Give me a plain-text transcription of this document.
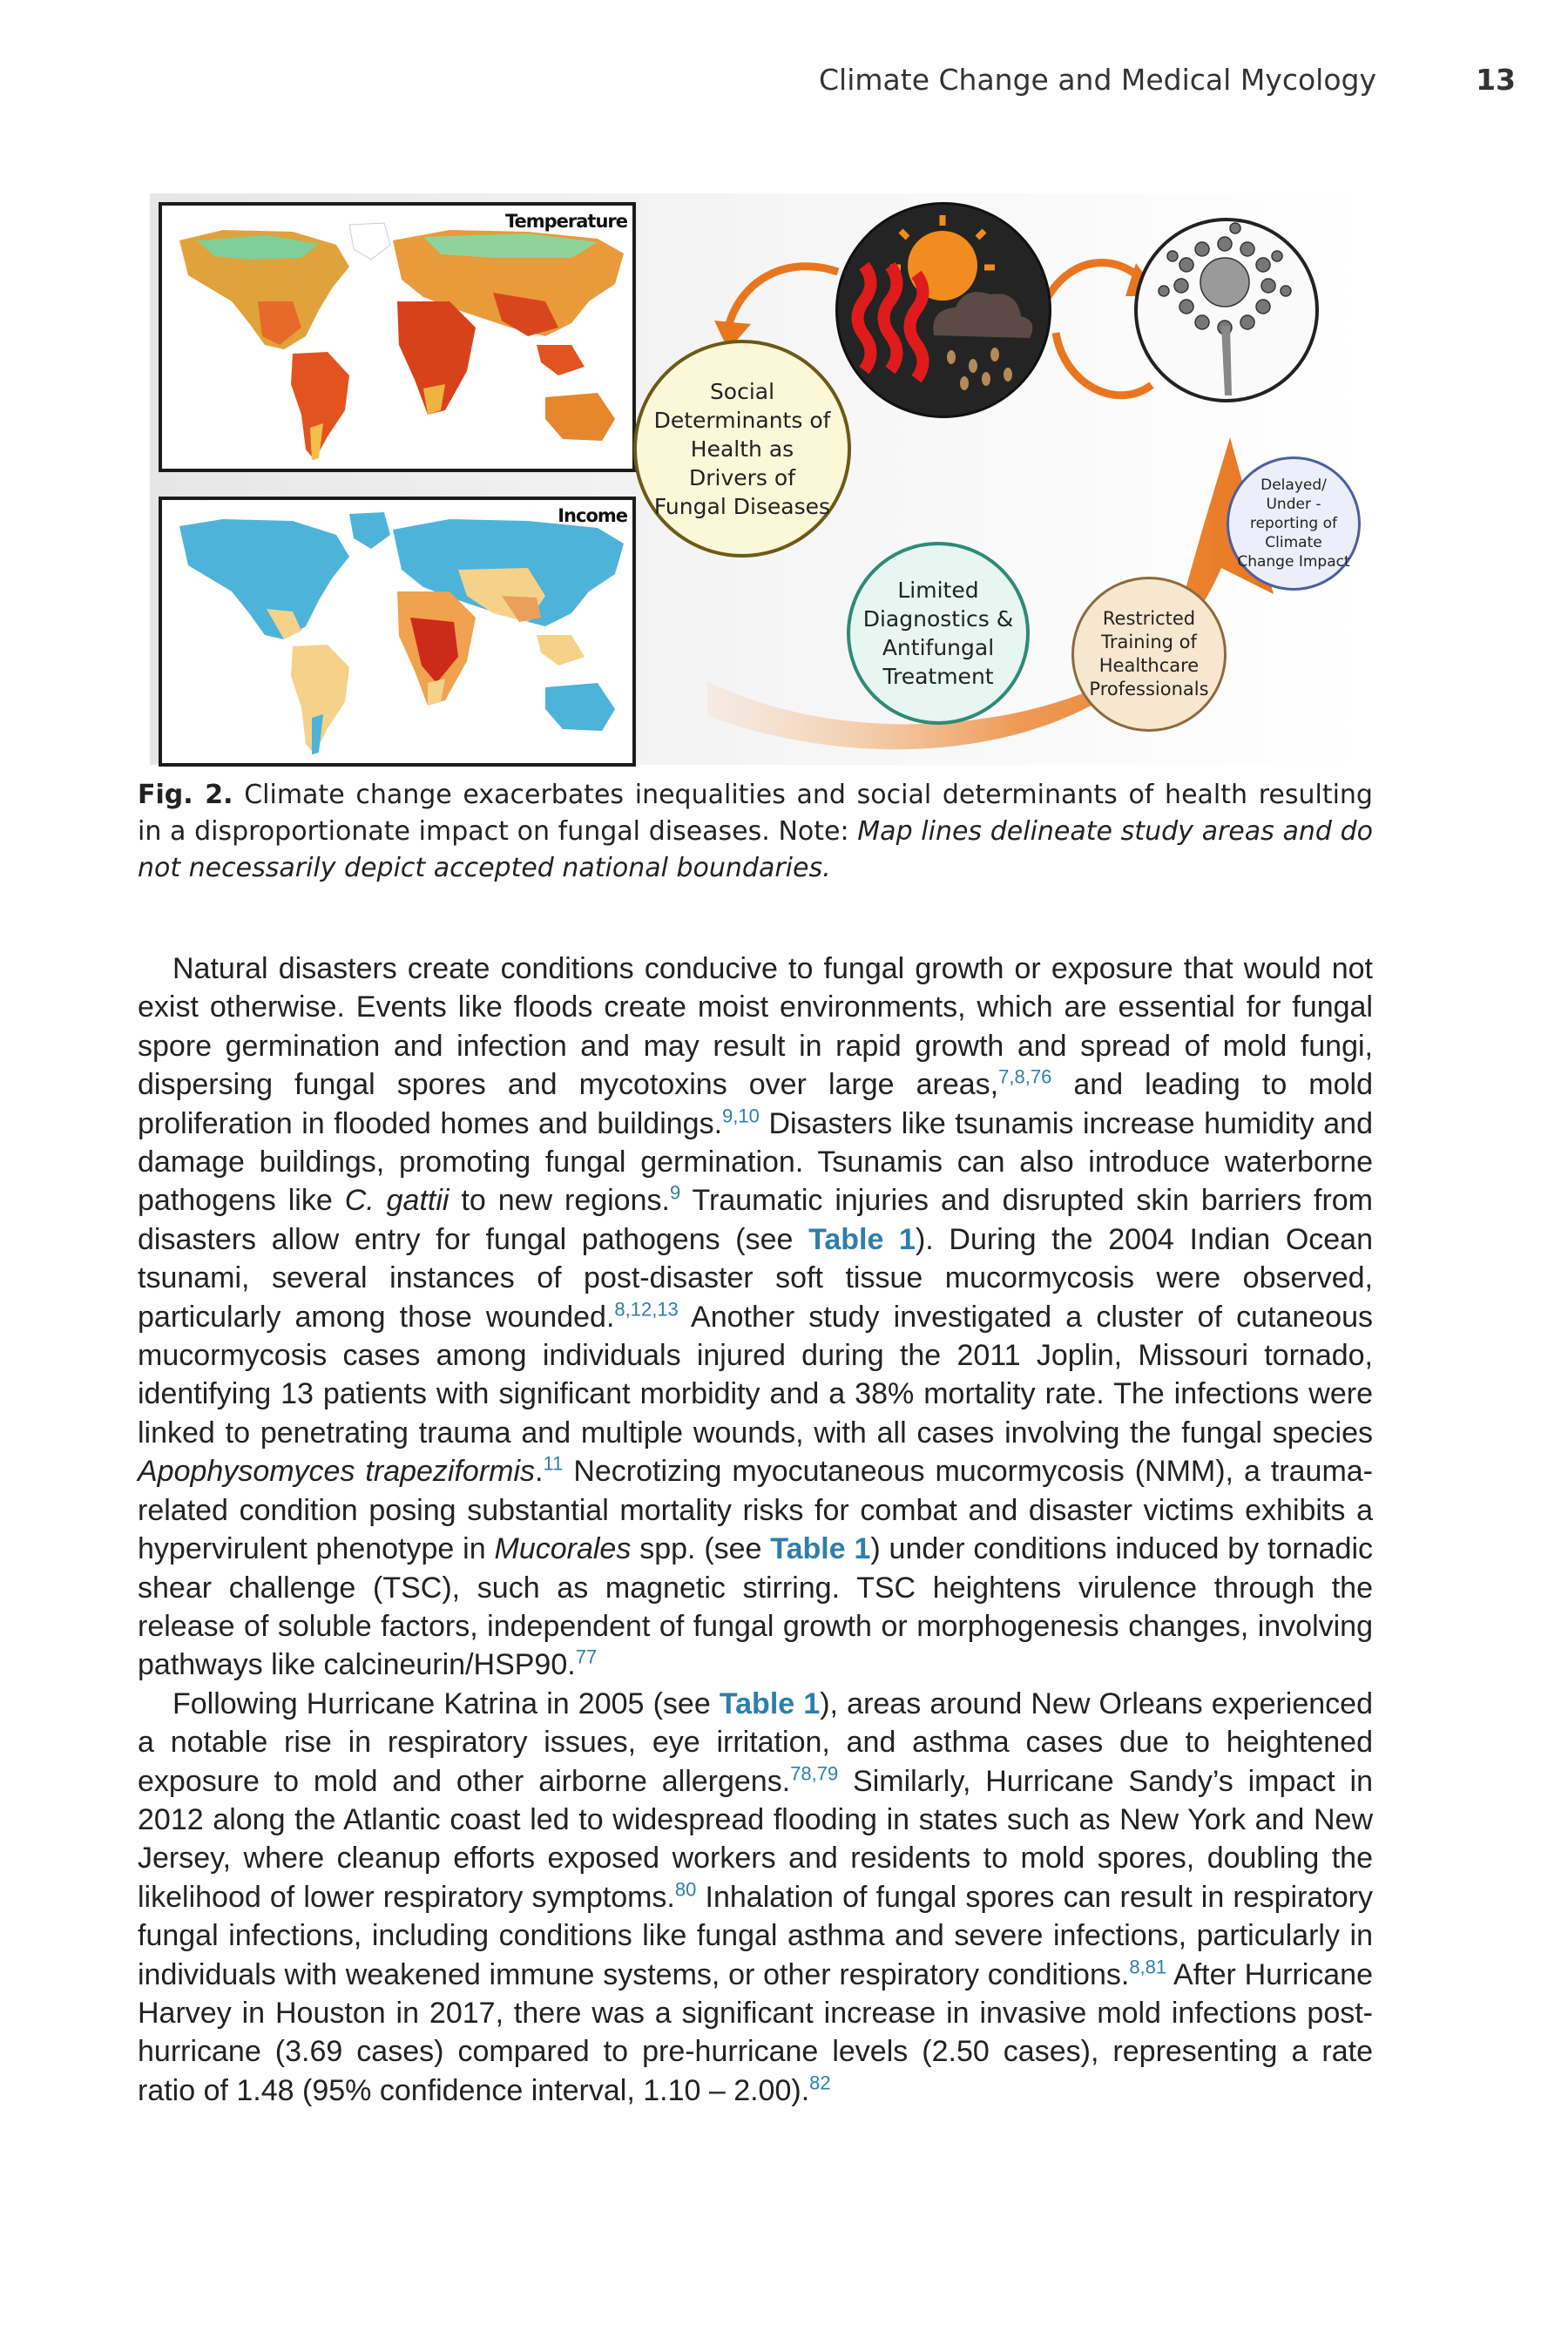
Climate Change and Medical Mycology	13
Temperature
Income
Social
Determinants of
Health as
Drivers of
Fungal Diseases
Limited
Diagnostics &
Antifungal
Treatment
Restricted
Training of
Healthcare
Professionals
Delayed/
Under -
reporting of
Climate
Change Impact
Fig. 2. Climate change exacerbates inequalities and social determinants of health resulting in a disproportionate impact on fungal diseases. Note: Map lines delineate study areas and do not necessarily depict accepted national boundaries.

Natural disasters create conditions conducive to fungal growth or exposure that would not exist otherwise. Events like floods create moist environments, which are essential for fungal spore germination and infection and may result in rapid growth and spread of mold fungi, dispersing fungal spores and mycotoxins over large areas,$^{7,8,76}$ and leading to mold proliferation in flooded homes and buildings.$^{9,10}$ Disasters like tsunamis increase humidity and damage buildings, promoting fungal germination. Tsunamis can also introduce waterborne pathogens like C. gattii to new regions.$^9$ Traumatic injuries and disrupted skin barriers from disasters allow entry for fungal pathogens (see Table 1). During the 2004 Indian Ocean tsunami, several instances of post-disaster soft tissue mucormycosis were observed, particularly among those wounded.$^{8,12,13}$ Another study investigated a cluster of cutaneous mucormycosis cases among individuals injured during the 2011 Joplin, Missouri tornado, identifying 13 patients with significant morbidity and a 38% mortality rate. The infections were linked to penetrating trauma and multiple wounds, with all cases involving the fungal species Apophysomyces trapeziformis.$^{11}$ Necrotizing myocutaneous mucormycosis (NMM), a trauma-related condition posing substantial mortality risks for combat and disaster victims exhibits a hypervirulent phenotype in Mucorales spp. (see Table 1) under conditions induced by tornadic shear challenge (TSC), such as magnetic stirring. TSC heightens virulence through the release of soluble factors, independent of fungal growth or morphogenesis changes, involving pathways like calcineurin/HSP90.77

Following Hurricane Katrina in 2005 (see Table 1), areas around New Orleans experienced a notable rise in respiratory issues, eye irritation, and asthma cases due to heightened exposure to mold and other airborne allergens.$^{78,79}$ Similarly, Hurricane Sandy’s impact in 2012 along the Atlantic coast led to widespread flooding in states such as New York and New Jersey, where cleanup efforts exposed workers and residents to mold spores, doubling the likelihood of lower respiratory symptoms.$^{80}$ Inhalation of fungal spores can result in respiratory fungal infections, including conditions like fungal asthma and severe infections, particularly in individuals with weakened immune systems, or other respiratory conditions.$^{8,81}$ After Hurricane Harvey in Houston in 2017, there was a significant increase in invasive mold infections post-hurricane (3.69 cases) compared to pre-hurricane levels (2.50 cases), representing a rate ratio of 1.48 (95% confidence interval, 1.10 – 2.00).$^{82}$
